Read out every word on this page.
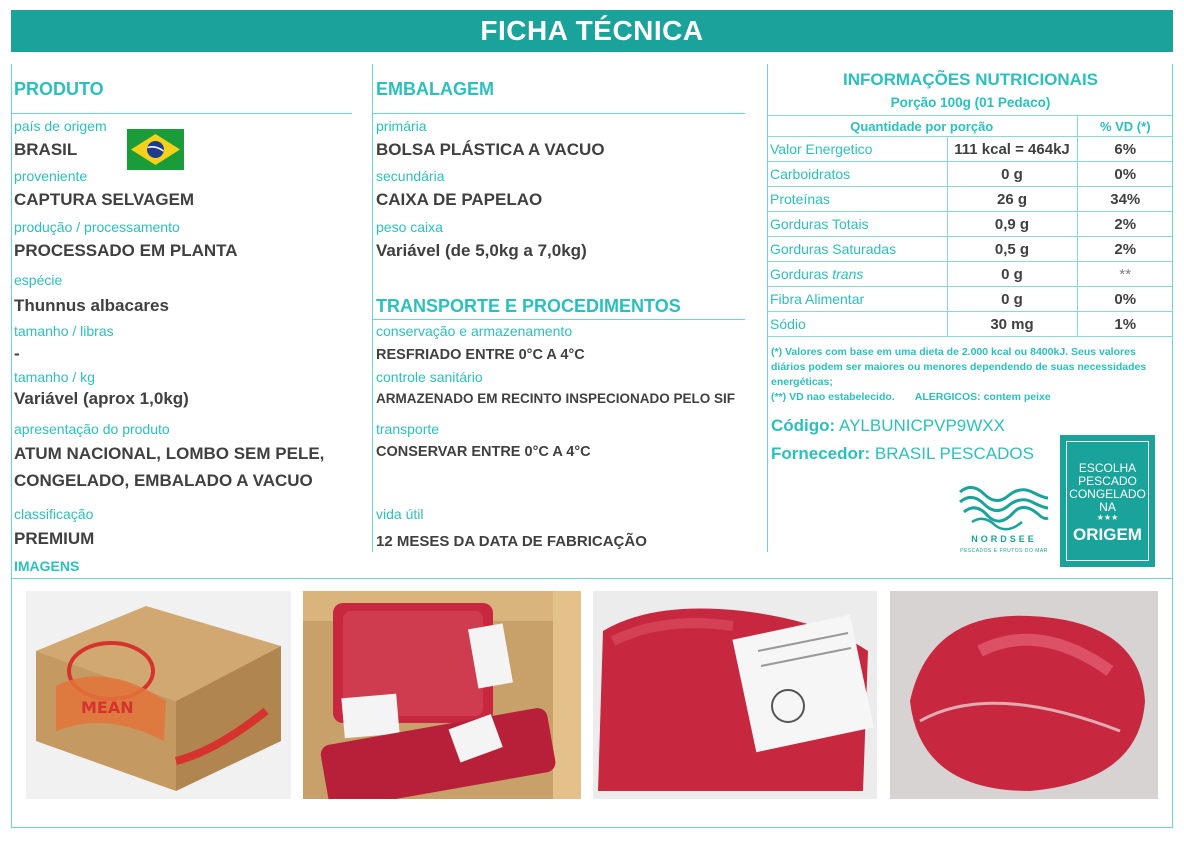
FICHA TÉCNICA
PRODUTO
país de origem
BRASIL
proveniente
CAPTURA SELVAGEM
produção / processamento
PROCESSADO EM PLANTA
espécie
Thunnus albacares
tamanho / libras
-
tamanho / kg
Variável (aprox 1,0kg)
apresentação do produto
ATUM NACIONAL, LOMBO SEM PELE,
CONGELADO, EMBALADO A VACUO
classificação
PREMIUM
EMBALAGEM
primária
BOLSA PLÁSTICA A VACUO
secundária
CAIXA DE PAPELAO
peso caixa
Variável (de 5,0kg a 7,0kg)
TRANSPORTE E PROCEDIMENTOS
conservação e armazenamento
RESFRIADO ENTRE 0°C A 4°C
controle sanitário
ARMAZENADO EM RECINTO INSPECIONADO PELO SIF
transporte
CONSERVAR ENTRE 0°C A 4°C
vida útil
12 MESES DA DATA DE FABRICAÇÃO
INFORMAÇÕES NUTRICIONAIS
Porção 100g (01 Pedaco)
Quantidade por porção		% VD (*)
Valor Energetico	111 kcal = 464kJ	6%
Carboidratos	0 g	0%
Proteínas	26 g	34%
Gorduras Totais	0,9 g	2%
Gorduras Saturadas	0,5 g	2%
Gorduras trans	0 g	**
Fibra Alimentar	0 g	0%
Sódio	30 mg	1%
(*) Valores com base em uma dieta de 2.000 kcal ou 8400kJ. Seus valores diários podem ser maiores ou menores dependendo de suas necessidades energéticas;
(**) VD nao estabelecido. ALERGICOS: contem peixe
Código: AYLBUNICPVP9WXX
Fornecedor: BRASIL PESCADOS
NORDSEE
PESCADOS E FRUTOS DO MAR
ESCOLHA
PESCADO
CONGELADO
NA
★★★
ORIGEM
IMAGENS
MEAN
